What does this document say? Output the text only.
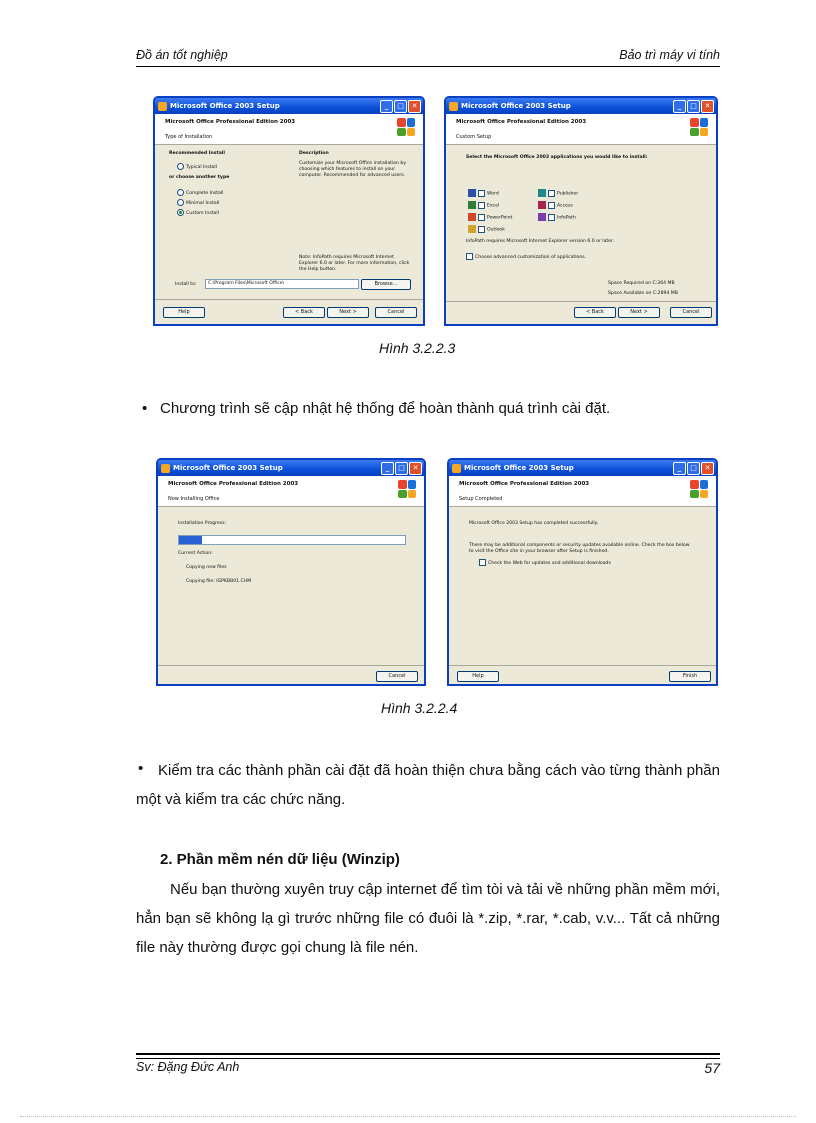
Đồ án tốt nghiệp	Bảo trì máy vi tính
Microsoft Office 2003 Setup	_	□	✕
Microsoft Office Professional Edition 2003
Type of Installation
Recommended Install
Typical Install
or choose another type
Complete Install
Minimal Install
Custom Install
Description
Customize your Microsoft Office installation by choosing which features to install on your computer. Recommended for advanced users.
Note: InfoPath requires Microsoft Internet Explorer 6.0 or later. For more information, click the Help button.
Install to:	C:\Program Files\Microsoft Office\	Browse...
Help	< Back	Next >	Cancel
Microsoft Office 2003 Setup	_	□	✕
Microsoft Office Professional Edition 2003
Custom Setup
Select the Microsoft Office 2003 applications you would like to install:
Word
Excel
PowerPoint
Outlook
Publisher
Access
InfoPath
InfoPath requires Microsoft Internet Explorer version 6.0 or later.
Choose advanced customization of applications.
Space Required on C:364 MB
Space Available on C:2894 MB
< Back	Next >	Cancel
Hình 3.2.2.3
• Chương trình sẽ cập nhật hệ thống để hoàn thành quá trình cài đặt.
Microsoft Office 2003 Setup	_	□	✕
Microsoft Office Professional Edition 2003
Now Installing Office
Installation Progress:
Current Action:
Copying new files
Copying file: IGPKBB01.CHM
Cancel
Microsoft Office 2003 Setup	_	□	✕
Microsoft Office Professional Edition 2003
Setup Completed
Microsoft Office 2003 Setup has completed successfully.
There may be additional components or security updates available online. Check the box below to visit the Office site in your browser after Setup is finished.
Check the Web for updates and additional downloads
Help	Finish
Hình 3.2.2.4
• Kiểm tra các thành phần cài đặt đã hoàn thiện chưa bằng cách vào từng thành phần một và kiểm tra các chức năng.
2. Phần mềm nén dữ liệu (Winzip)
Nếu bạn thường xuyên truy cập internet để tìm tòi và tải về những phần mềm mới, hẳn bạn sẽ không lạ gì trước những file có đuôi là *.zip, *.rar, *.cab, v.v... Tất cả những file này thường được gọi chung là file nén.
Sv: Đặng Đức Anh	57
